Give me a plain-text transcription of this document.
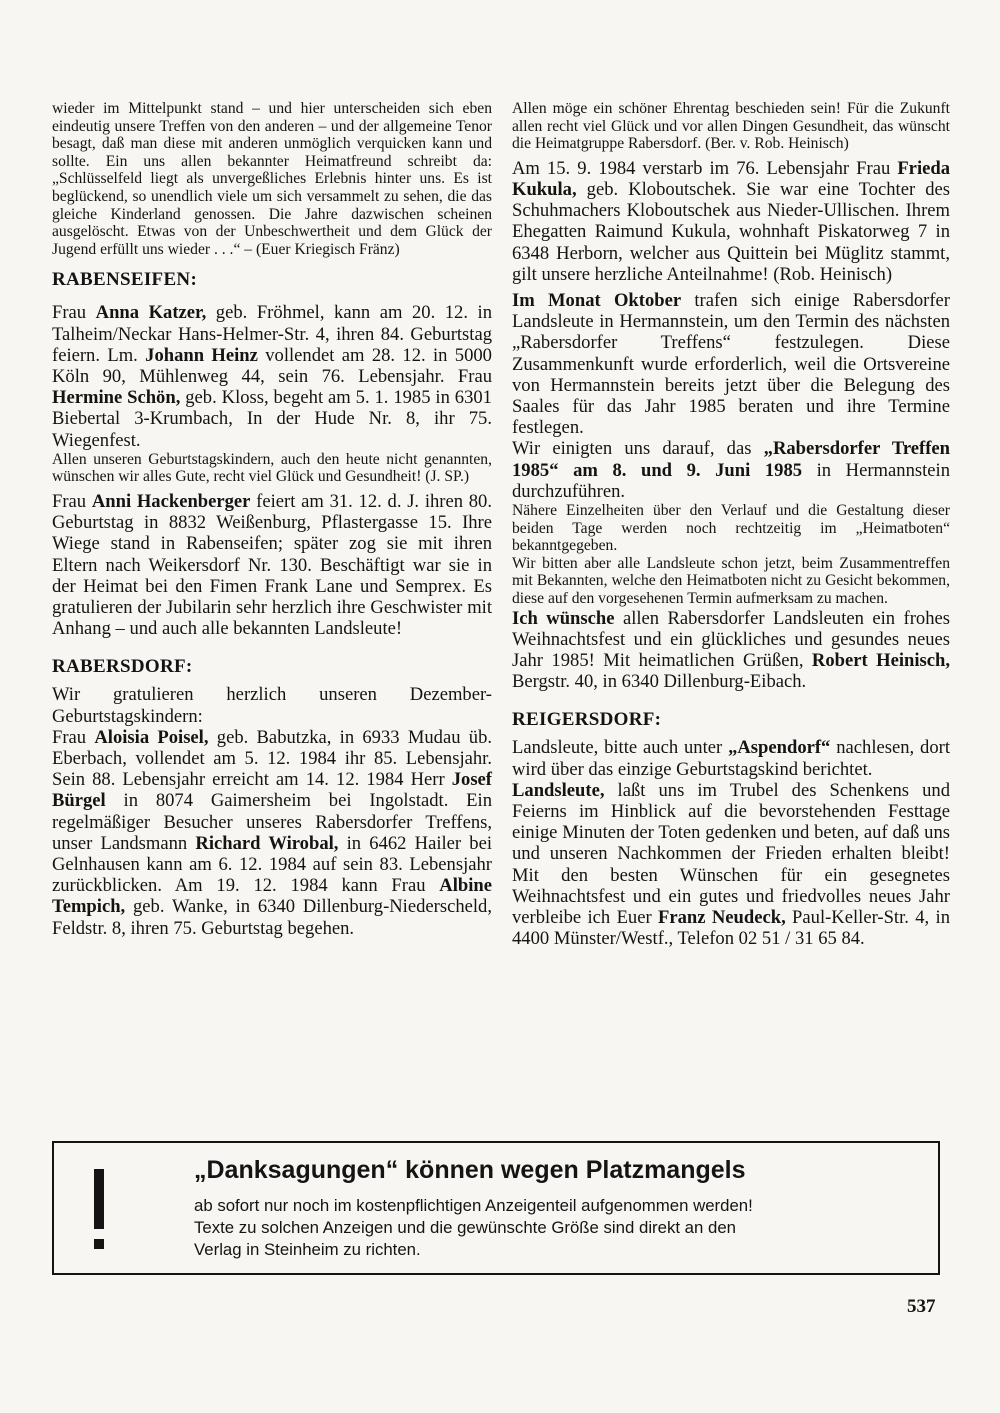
wieder im Mittelpunkt stand – und hier unterscheiden sich eben eindeutig unsere Treffen von den anderen – und der allgemeine Tenor besagt, daß man diese mit anderen unmöglich verquicken kann und sollte. Ein uns allen bekannter Heimatfreund schreibt da: „Schlüsselfeld liegt als unvergeßliches Erlebnis hinter uns. Es ist beglückend, so unendlich viele um sich versammelt zu sehen, die das gleiche Kinderland genossen. Die Jahre dazwischen scheinen ausgelöscht. Etwas von der Unbeschwertheit und dem Glück der Jugend erfüllt uns wieder . . .“ – (Euer Kriegisch Fränz)

RABENSEIFEN:

Frau Anna Katzer, geb. Fröhmel, kann am 20. 12. in Talheim/Neckar Hans-Helmer-Str. 4, ihren 84. Geburtstag feiern. Lm. Johann Heinz vollendet am 28. 12. in 5000 Köln 90, Mühlenweg 44, sein 76. Lebensjahr. Frau Hermine Schön, geb. Kloss, begeht am 5. 1. 1985 in 6301 Biebertal 3-Krumbach, In der Hude Nr. 8, ihr 75. Wiegenfest.

Allen unseren Geburtstagskindern, auch den heute nicht genannten, wünschen wir alles Gute, recht viel Glück und Gesundheit! (J. SP.)

Frau Anni Hackenberger feiert am 31. 12. d. J. ihren 80. Geburtstag in 8832 Weißenburg, Pflastergasse 15. Ihre Wiege stand in Rabenseifen; später zog sie mit ihren Eltern nach Weikersdorf Nr. 130. Beschäftigt war sie in der Heimat bei den Fimen Frank Lane und Semprex. Es gratulieren der Jubilarin sehr herzlich ihre Geschwister mit Anhang – und auch alle bekannten Landsleute!

RABERSDORF:

Wir gratulieren herzlich unseren Dezember-Geburtstagskindern:

Frau Aloisia Poisel, geb. Babutzka, in 6933 Mudau üb. Eberbach, vollendet am 5. 12. 1984 ihr 85. Lebensjahr. Sein 88. Lebensjahr erreicht am 14. 12. 1984 Herr Josef Bürgel in 8074 Gaimersheim bei Ingolstadt. Ein regelmäßiger Besucher unseres Rabersdorfer Treffens, unser Landsmann Richard Wirobal, in 6462 Hailer bei Gelnhausen kann am 6. 12. 1984 auf sein 83. Lebensjahr zurückblicken. Am 19. 12. 1984 kann Frau Albine Tempich, geb. Wanke, in 6340 Dillenburg-Niederscheld, Feldstr. 8, ihren 75. Geburtstag begehen.

Allen möge ein schöner Ehrentag beschieden sein! Für die Zukunft allen recht viel Glück und vor allen Dingen Gesundheit, das wünscht die Heimatgruppe Rabersdorf. (Ber. v. Rob. Heinisch)

Am 15. 9. 1984 verstarb im 76. Lebensjahr Frau Frieda Kukula, geb. Kloboutschek. Sie war eine Tochter des Schuhmachers Kloboutschek aus Nieder-Ullischen. Ihrem Ehegatten Raimund Kukula, wohnhaft Piskatorweg 7 in 6348 Herborn, welcher aus Quittein bei Müglitz stammt, gilt unsere herzliche Anteilnahme! (Rob. Heinisch)

Im Monat Oktober trafen sich einige Rabersdorfer Landsleute in Hermannstein, um den Termin des nächsten „Rabersdorfer Treffens“ festzulegen. Diese Zusammenkunft wurde erforderlich, weil die Ortsvereine von Hermannstein bereits jetzt über die Belegung des Saales für das Jahr 1985 beraten und ihre Termine festlegen.

Wir einigten uns darauf, das „Rabersdorfer Treffen 1985“ am 8. und 9. Juni 1985 in Hermannstein durchzuführen.

Nähere Einzelheiten über den Verlauf und die Gestaltung dieser beiden Tage werden noch rechtzeitig im „Heimatboten“ bekanntgegeben.

Wir bitten aber alle Landsleute schon jetzt, beim Zusammentreffen mit Bekannten, welche den Heimatboten nicht zu Gesicht bekommen, diese auf den vorgesehenen Termin aufmerksam zu machen.

Ich wünsche allen Rabersdorfer Landsleuten ein frohes Weihnachtsfest und ein glückliches und gesundes neues Jahr 1985! Mit heimatlichen Grüßen, Robert Heinisch, Bergstr. 40, in 6340 Dillenburg-Eibach.

REIGERSDORF:

Landsleute, bitte auch unter „Aspendorf“ nachlesen, dort wird über das einzige Geburtstagskind berichtet.

Landsleute, laßt uns im Trubel des Schenkens und Feierns im Hinblick auf die bevorstehenden Festtage einige Minuten der Toten gedenken und beten, auf daß uns und unseren Nachkommen der Frieden erhalten bleibt! Mit den besten Wünschen für ein gesegnetes Weihnachtsfest und ein gutes und friedvolles neues Jahr verbleibe ich Euer Franz Neudeck, Paul-Keller-Str. 4, in 4400 Münster/Westf., Telefon 02 51 / 31 65 84.

„Danksagungen“ können wegen Platzmangels
ab sofort nur noch im kostenpflichtigen Anzeigenteil aufgenommen werden!
Texte zu solchen Anzeigen und die gewünschte Größe sind direkt an den
Verlag in Steinheim zu richten.
537
